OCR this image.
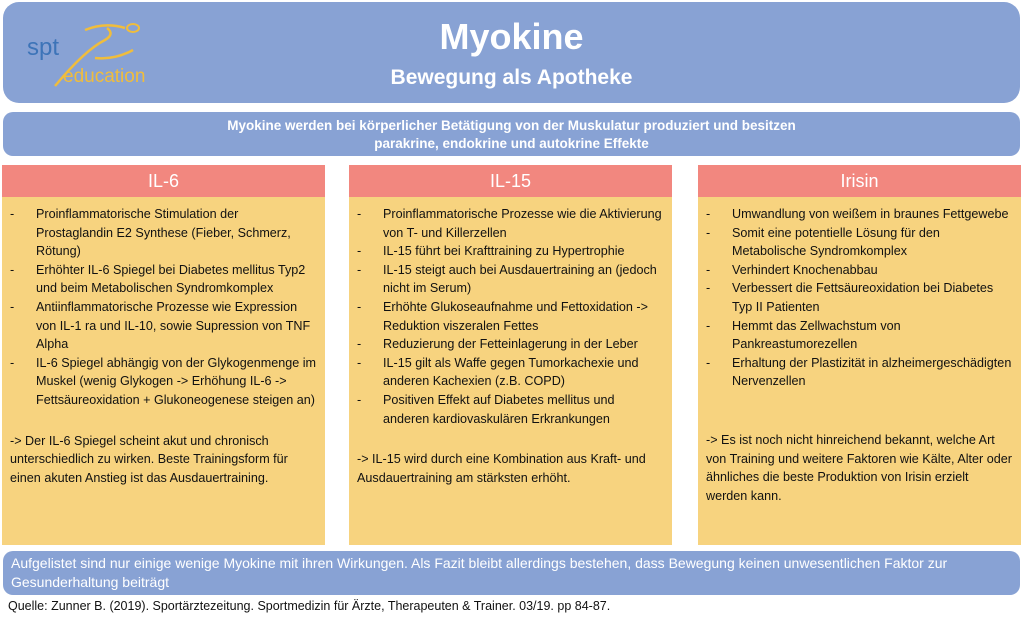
spt
education
Myokine
Bewegung als Apotheke
Myokine werden bei körperlicher Betätigung von der Muskulatur produziert und besitzen
parakrine, endokrine und autokrine Effekte
IL-6
-	Proinflammatorische Stimulation der Prostaglandin E2 Synthese (Fieber, Schmerz, Rötung)
-	Erhöhter IL-6 Spiegel bei Diabetes mellitus Typ2 und beim Metabolischen Syndromkomplex
-	Antiinflammatorische Prozesse wie Expression von IL-1 ra und IL-10, sowie Supression von TNF Alpha
-	IL-6 Spiegel abhängig von der Glykogenmenge im Muskel (wenig Glykogen -> Erhöhung IL-6 -> Fettsäureoxidation + Glukoneogenese steigen an)
-> Der IL-6 Spiegel scheint akut und chronisch unterschiedlich zu wirken. Beste Trainingsform für einen akuten Anstieg ist das Ausdauertraining.
IL-15
-	Proinflammatorische Prozesse wie die Aktivierung von T- und Killerzellen
-	IL-15 führt bei Krafttraining zu Hypertrophie
-	IL-15 steigt auch bei Ausdauertraining an (jedoch nicht im Serum)
-	Erhöhte Glukoseaufnahme und Fettoxidation -> Reduktion viszeralen Fettes
-	Reduzierung der Fetteinlagerung in der Leber
-	IL-15 gilt als Waffe gegen Tumorkachexie und anderen Kachexien (z.B. COPD)
-	Positiven Effekt auf Diabetes mellitus und anderen kardiovaskulären Erkrankungen
-> IL-15 wird durch eine Kombination aus Kraft- und Ausdauertraining am stärksten erhöht.
Irisin
-	Umwandlung von weißem in braunes Fettgewebe
-	Somit eine potentielle Lösung für den Metabolische Syndromkomplex
-	Verhindert Knochenabbau
-	Verbessert die Fettsäureoxidation bei Diabetes Typ II Patienten
-	Hemmt das Zellwachstum von Pankreastumorezellen
-	Erhaltung der Plastizität in alzheimergeschädigten Nervenzellen
-> Es ist noch nicht hinreichend bekannt, welche Art von Training und weitere Faktoren wie Kälte, Alter oder ähnliches die beste Produktion von Irisin erzielt werden kann.
Aufgelistet sind nur einige wenige Myokine mit ihren Wirkungen. Als Fazit bleibt allerdings bestehen, dass Bewegung keinen unwesentlichen Faktor zur Gesunderhaltung beiträgt
Quelle: Zunner B. (2019). Sportärztezeitung. Sportmedizin für Ärzte, Therapeuten & Trainer. 03/19. pp 84-87.
